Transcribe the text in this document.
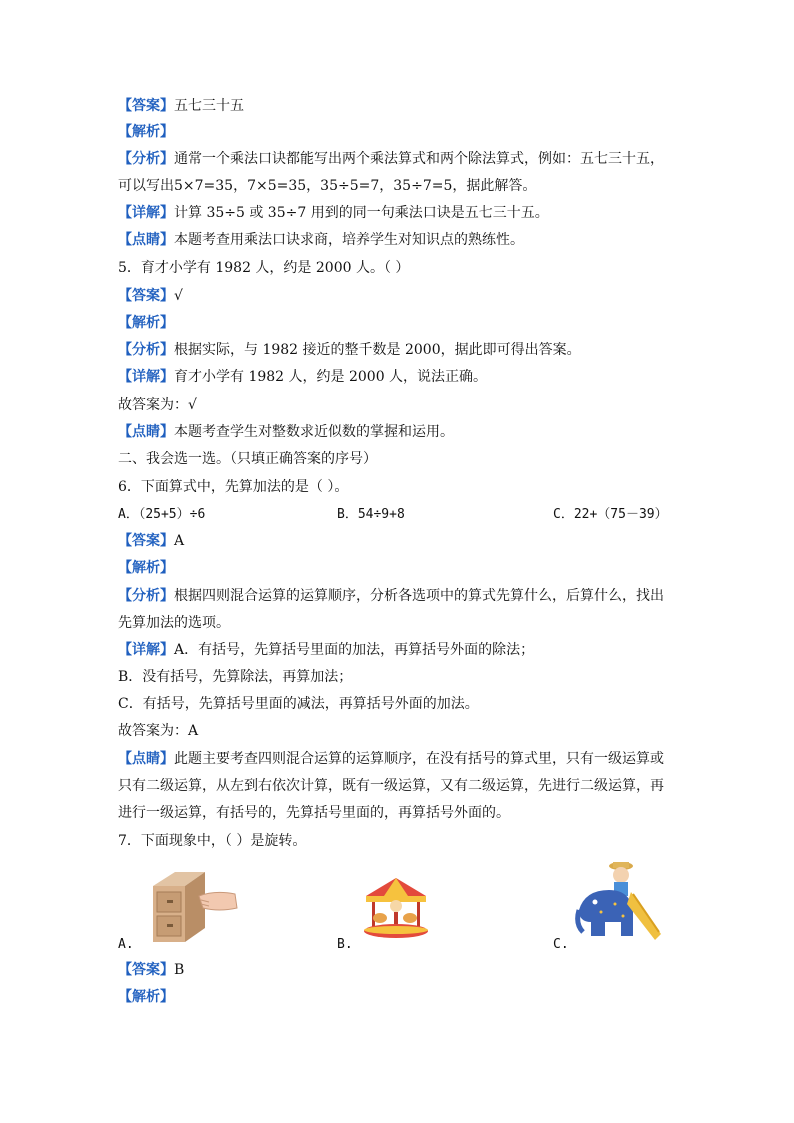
【答案】五七三十五
【解析】
【分析】通常一个乘法口诀都能写出两个乘法算式和两个除法算式，例如：五七三十五，
可以写出5×7=35，7×5=35，35÷5=7，35÷7=5，据此解答。
【详解】计算 35÷5 或 35÷7 用到的同一句乘法口诀是五七三十五。
【点睛】本题考查用乘法口诀求商，培养学生对知识点的熟练性。
5．育才小学有 1982 人，约是 2000 人。（ ）
【答案】√
【解析】
【分析】根据实际，与 1982 接近的整千数是 2000，据此即可得出答案。
【详解】育才小学有 1982 人，约是 2000 人，说法正确。
故答案为：√
【点睛】本题考查学生对整数求近似数的掌握和运用。
二、我会选一选。（只填正确答案的序号）
6．下面算式中，先算加法的是（ ）。
A．（25+5）÷6	B．54÷9+8	C．22+（75－39）
【答案】A
【解析】
【分析】根据四则混合运算的运算顺序，分析各选项中的算式先算什么，后算什么，找出
先算加法的选项。
【详解】A．有括号，先算括号里面的加法，再算括号外面的除法；
B．没有括号，先算除法，再算加法；
C．有括号，先算括号里面的减法，再算括号外面的加法。
故答案为：A
【点睛】此题主要考查四则混合运算的运算顺序，在没有括号的算式里，只有一级运算或
只有二级运算，从左到右依次计算，既有一级运算，又有二级运算，先进行二级运算，再
进行一级运算，有括号的，先算括号里面的，再算括号外面的。
7．下面现象中，（ ）是旋转。
A.	B.	C.
【答案】B
【解析】
